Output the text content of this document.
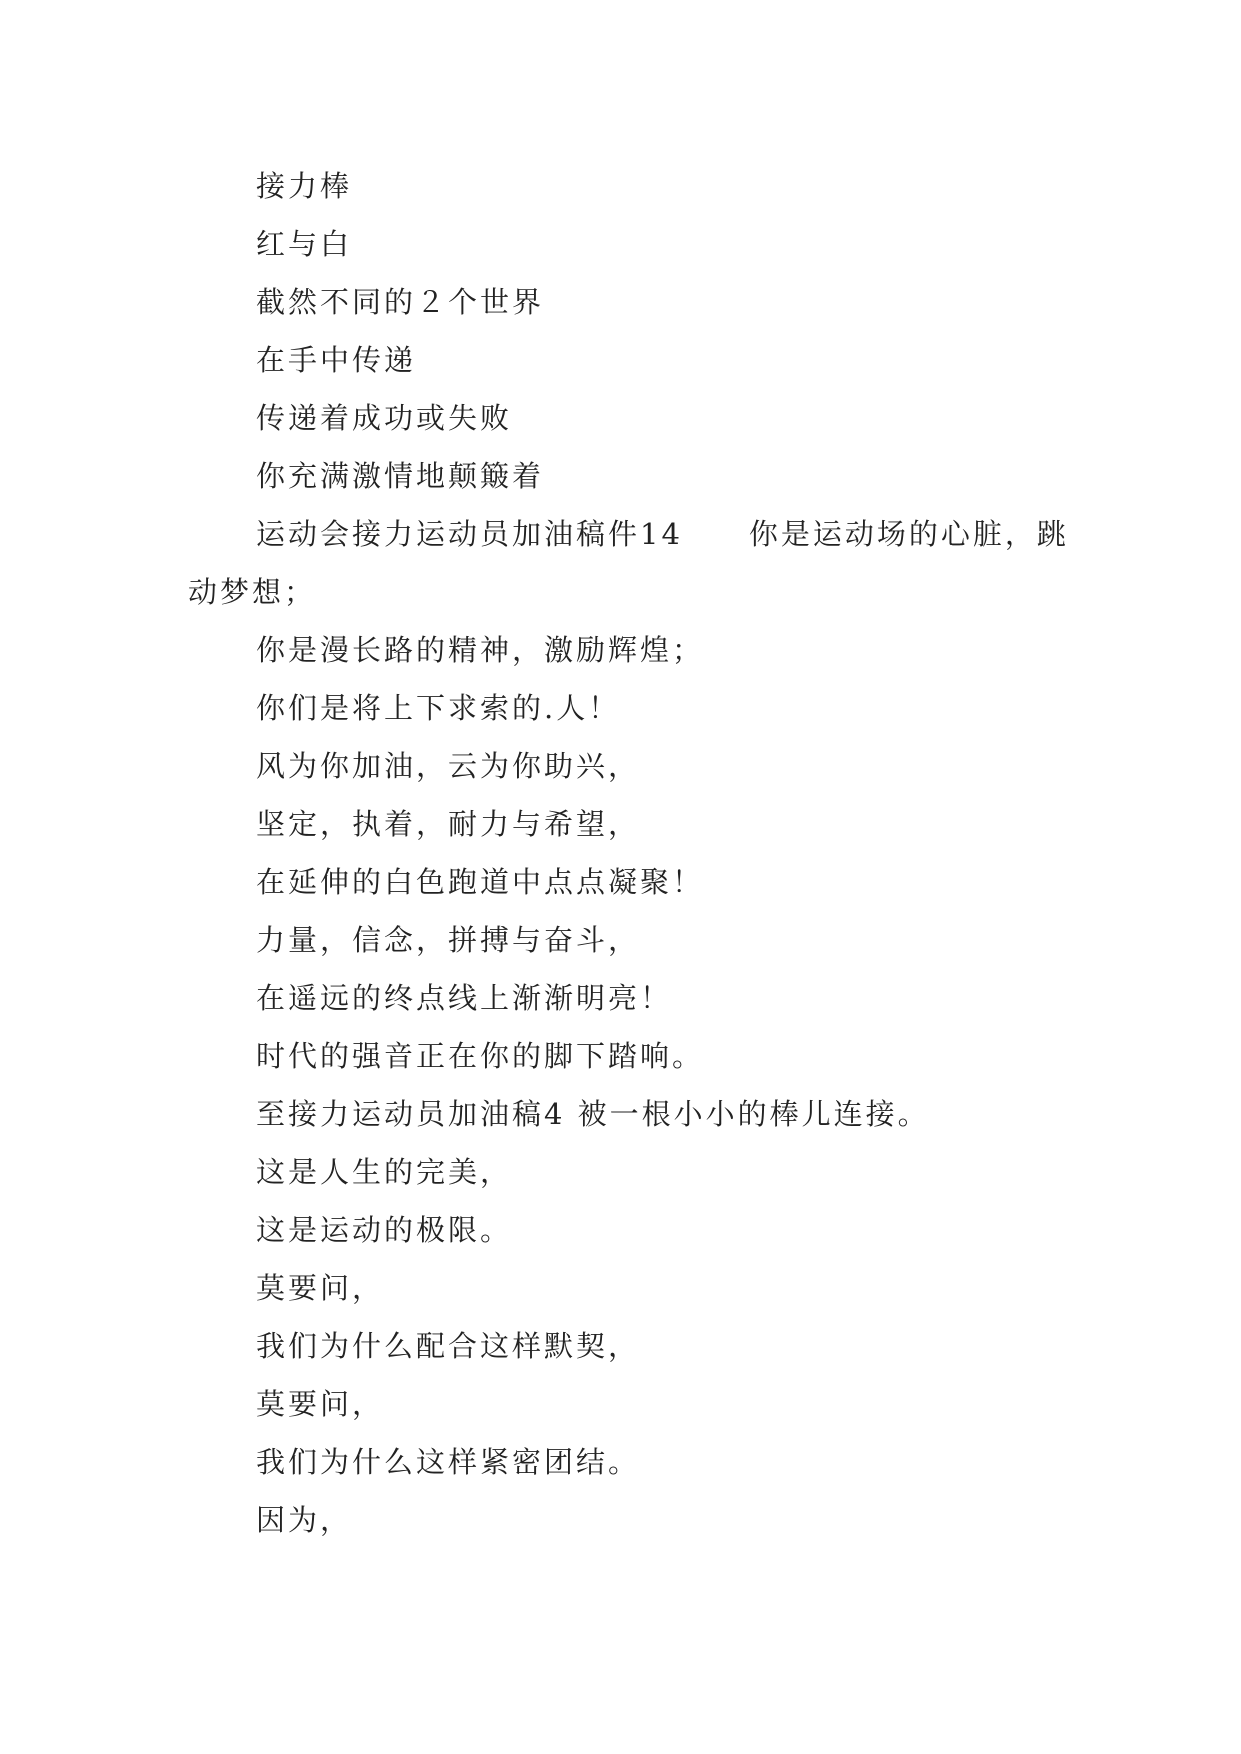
接力棒

红与白

截然不同的２个世界

在手中传递

传递着成功或失败

你充满激情地颠簸着

运动会接力运动员加油稿件14 你是运动场的心脏，跳动梦想；

你是漫长路的精神，激励辉煌；

你们是将上下求索的.人！

风为你加油，云为你助兴，

坚定，执着，耐力与希望，

在延伸的白色跑道中点点凝聚！

力量，信念，拼搏与奋斗，

在遥远的终点线上渐渐明亮！

时代的强音正在你的脚下踏响。

至接力运动员加油稿4 被一根小小的棒儿连接。

这是人生的完美，

这是运动的极限。

莫要问，

我们为什么配合这样默契，

莫要问，

我们为什么这样紧密团结。

因为，
